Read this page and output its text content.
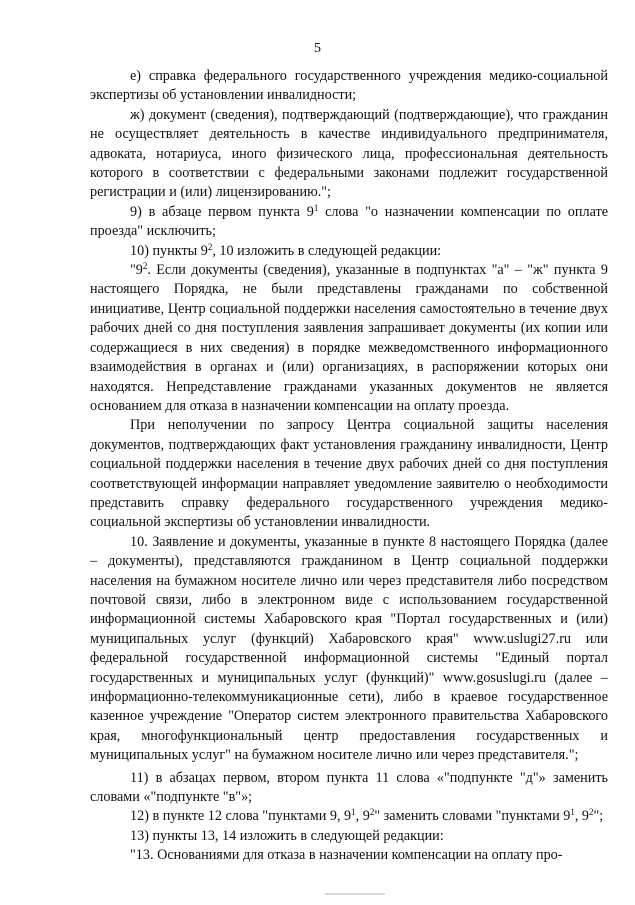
5

е) справка федерального государственного учреждения медико-социальной экспертизы об установлении инвалидности;

ж) документ (сведения), подтверждающий (подтверждающие), что гражданин не осуществляет деятельность в качестве индивидуального предпринимателя, адвоката, нотариуса, иного физического лица, профессиональная деятельность которого в соответствии с федеральными законами подлежит государственной регистрации и (или) лицензированию.";

9) в абзаце первом пункта $9^1$ слова "о назначении компенсации по оплате проезда" исключить;

10) пункты $9^2$, 10 изложить в следующей редакции:

"$9^2$. Если документы (сведения), указанные в подпунктах "а" – "ж" пункта 9 настоящего Порядка, не были представлены гражданами по собственной инициативе, Центр социальной поддержки населения самостоятельно в течение двух рабочих дней со дня поступления заявления запрашивает документы (их копии или содержащиеся в них сведения) в порядке межведомственного информационного взаимодействия в органах и (или) организациях, в распоряжении которых они находятся. Непредставление гражданами указанных документов не является основанием для отказа в назначении компенсации на оплату проезда.

При неполучении по запросу Центра социальной защиты населения документов, подтверждающих факт установления гражданину инвалидности, Центр социальной поддержки населения в течение двух рабочих дней со дня поступления соответствующей информации направляет уведомление заявителю о необходимости представить справку федерального государственного учреждения медико-социальной экспертизы об установлении инвалидности.

10. Заявление и документы, указанные в пункте 8 настоящего Порядка (далее – документы), представляются гражданином в Центр социальной поддержки населения на бумажном носителе лично или через представителя либо посредством почтовой связи, либо в электронном виде с использованием государственной информационной системы Хабаровского края "Портал государственных и (или) муниципальных услуг (функций) Хабаровского края" www.uslugi27.ru или федеральной государственной информационной системы "Единый портал государственных и муниципальных услуг (функций)" www.gosuslugi.ru (далее – информационно-телекоммуникационные сети), либо в краевое государственное казенное учреждение "Оператор систем электронного правительства Хабаровского края, многофункциональный центр предоставления государственных и муниципальных услуг" на бумажном носителе лично или через представителя.";

11) в абзацах первом, втором пункта 11 слова «"подпункте "д"» заменить словами «"подпункте "в"»;

12) в пункте 12 слова "пунктами 9, $9^1$, $9^2$" заменить словами "пунктами $9^1$, $9^2$";

13) пункты 13, 14 изложить в следующей редакции:

"13. Основаниями для отказа в назначении компенсации на оплату про-
